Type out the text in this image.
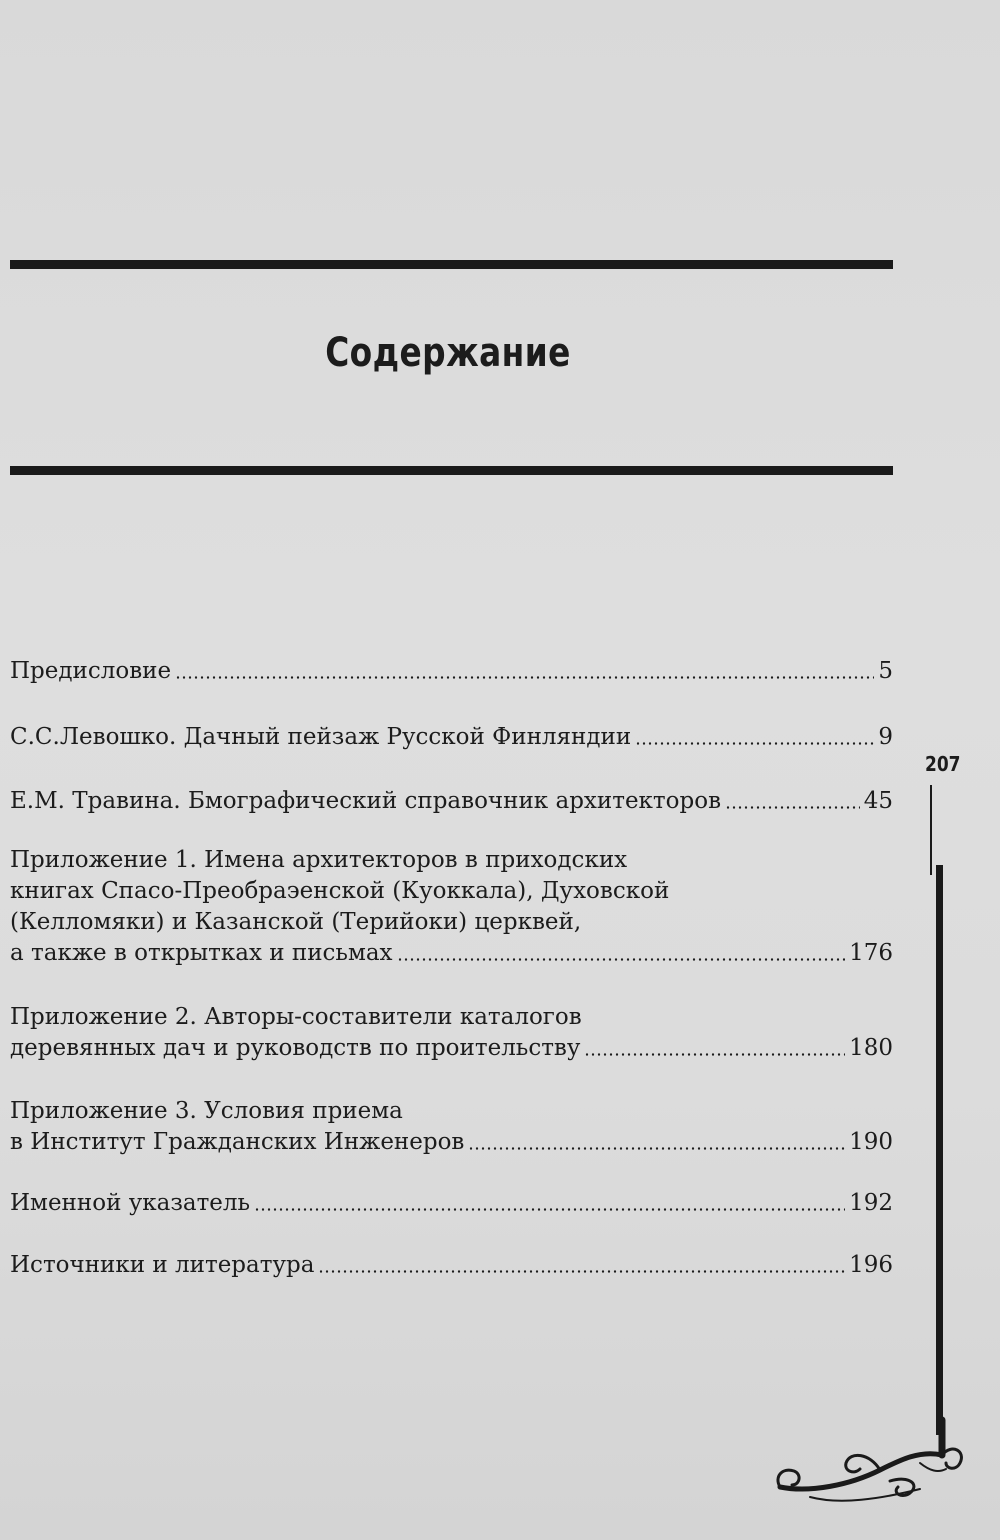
Содержание
Предисловие	5
С.С.Левошко. Дачный пейзаж Русской Финляндии	9
Е.М. Травина. Бмографический справочник архитекторов	45
Приложение 1. Имена архитекторов в приходских
книгах Спасо-Преобраэенской (Куоккала), Духовской
(Келломяки) и Казанской (Терийоки) церквей,
а также в открытках и письмах	176
Приложение 2. Авторы-составители каталогов
деревянных дач и руководств по проительству	180
Приложение 3. Условия приема
в Институт Гражданских Инженеров	190
Именной указатель	192
Источники и литература	196
207
